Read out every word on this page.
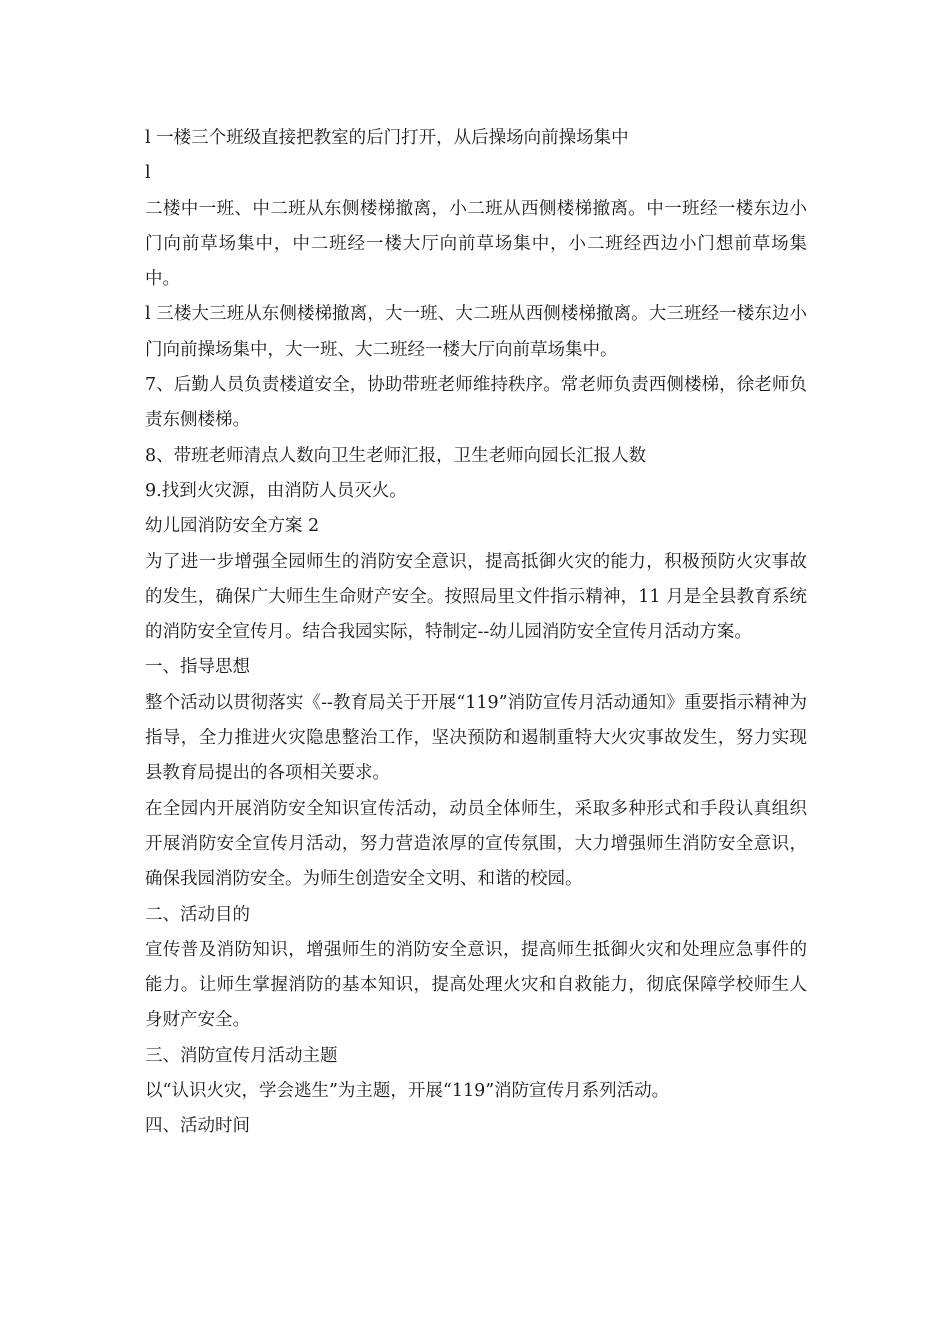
l 一楼三个班级直接把教室的后门打开，从后操场向前操场集中

l

二楼中一班、中二班从东侧楼梯撤离，小二班从西侧楼梯撤离。中一班经一楼东边小门向前草场集中，中二班经一楼大厅向前草场集中，小二班经西边小门想前草场集中。

l 三楼大三班从东侧楼梯撤离，大一班、大二班从西侧楼梯撤离。大三班经一楼东边小门向前操场集中，大一班、大二班经一楼大厅向前草场集中。

7、后勤人员负责楼道安全，协助带班老师维持秩序。常老师负责西侧楼梯，徐老师负责东侧楼梯。

8、带班老师清点人数向卫生老师汇报，卫生老师向园长汇报人数

9.找到火灾源，由消防人员灭火。

幼儿园消防安全方案 2

为了进一步增强全园师生的消防安全意识，提高抵御火灾的能力，积极预防火灾事故的发生，确保广大师生生命财产安全。按照局里文件指示精神，11 月是全县教育系统的消防安全宣传月。结合我园实际，特制定--幼儿园消防安全宣传月活动方案。

一、指导思想

整个活动以贯彻落实《--教育局关于开展“119”消防宣传月活动通知》重要指示精神为指导，全力推进火灾隐患整治工作，坚决预防和遏制重特大火灾事故发生，努力实现县教育局提出的各项相关要求。

在全园内开展消防安全知识宣传活动，动员全体师生，采取多种形式和手段认真组织开展消防安全宣传月活动，努力营造浓厚的宣传氛围，大力增强师生消防安全意识，确保我园消防安全。为师生创造安全文明、和谐的校园。

二、活动目的

宣传普及消防知识，增强师生的消防安全意识，提高师生抵御火灾和处理应急事件的能力。让师生掌握消防的基本知识，提高处理火灾和自救能力，彻底保障学校师生人身财产安全。

三、消防宣传月活动主题

以“认识火灾，学会逃生”为主题，开展“119”消防宣传月系列活动。

四、活动时间
